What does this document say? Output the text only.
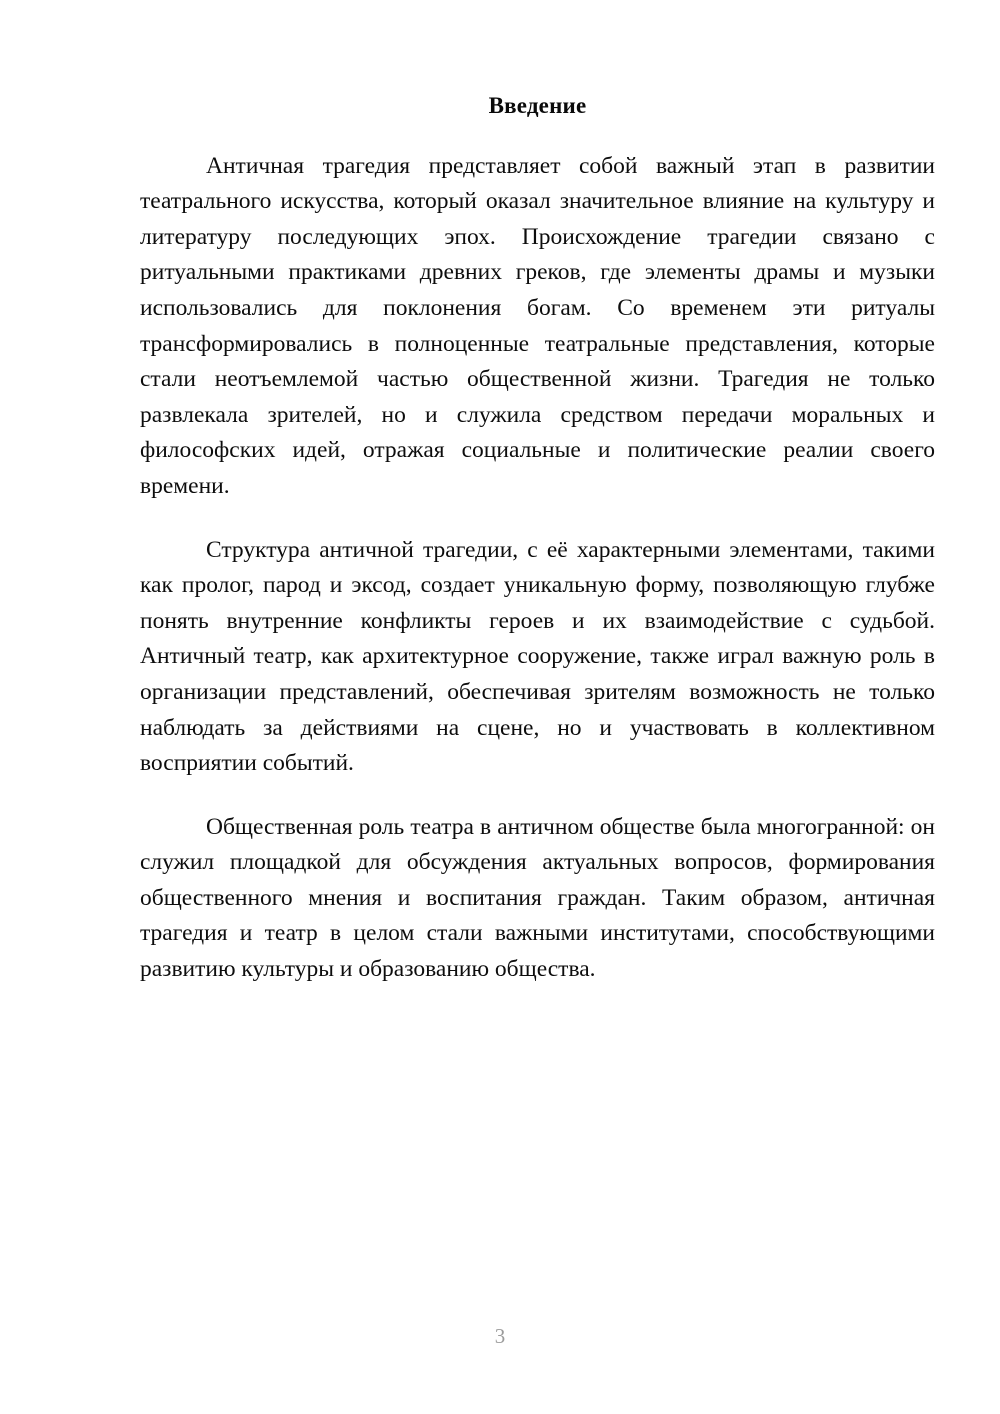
Введение

Античная трагедия представляет собой важный этап в развитии театрального искусства, который оказал значительное влияние на культуру и литературу последующих эпох. Происхождение трагедии связано с ритуальными практиками древних греков, где элементы драмы и музыки использовались для поклонения богам. Со временем эти ритуалы трансформировались в полноценные театральные представления, которые стали неотъемлемой частью общественной жизни. Трагедия не только развлекала зрителей, но и служила средством передачи моральных и философских идей, отражая социальные и политические реалии своего времени.

Структура античной трагедии, с её характерными элементами, такими как пролог, парод и эксод, создает уникальную форму, позволяющую глубже понять внутренние конфликты героев и их взаимодействие с судьбой. Античный театр, как архитектурное сооружение, также играл важную роль в организации представлений, обеспечивая зрителям возможность не только наблюдать за действиями на сцене, но и участвовать в коллективном восприятии событий.

Общественная роль театра в античном обществе была многогранной: он служил площадкой для обсуждения актуальных вопросов, формирования общественного мнения и воспитания граждан. Таким образом, античная трагедия и театр в целом стали важными институтами, способствующими развитию культуры и образованию общества.

3
